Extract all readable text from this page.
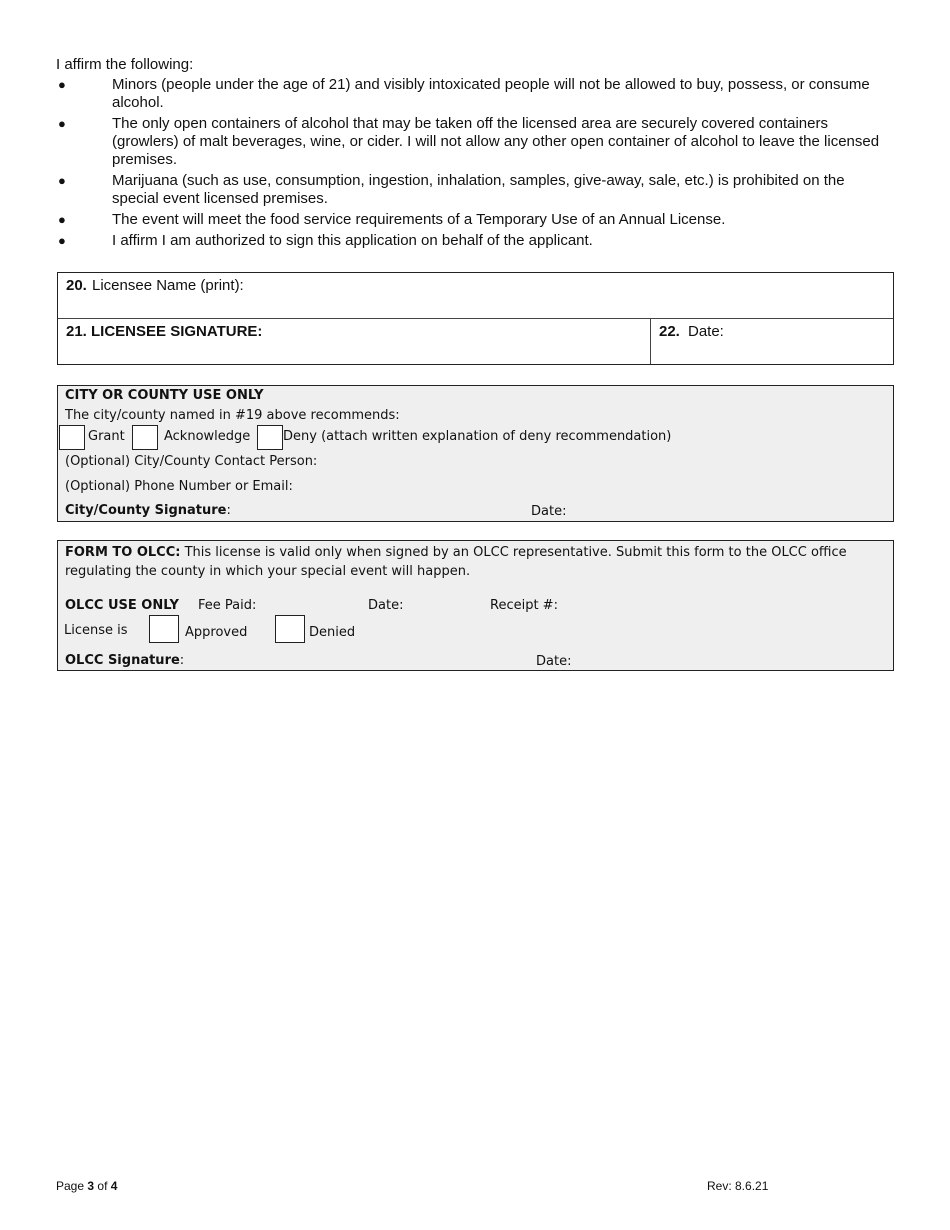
I affirm the following:
●	Minors (people under the age of 21) and visibly intoxicated people will not be allowed to buy, possess, or consume alcohol.
●	The only open containers of alcohol that may be taken off the licensed area are securely covered containers (growlers) of malt beverages, wine, or cider. I will not allow any other open container of alcohol to leave the licensed premises.
●	Marijuana (such as use, consumption, ingestion, inhalation, samples, give-away, sale, etc.) is prohibited on the special event licensed premises.
●	The event will meet the food service requirements of a Temporary Use of an Annual License.
●	I affirm I am authorized to sign this application on behalf of the applicant.
20. Licensee Name (print):
21. LICENSEE SIGNATURE:	22. Date:
CITY OR COUNTY USE ONLY
The city/county named in #19 above recommends:
Grant	Acknowledge	Deny (attach written explanation of deny recommendation)
(Optional) City/County Contact Person:
(Optional) Phone Number or Email:
City/County Signature:	Date:
FORM TO OLCC: This license is valid only when signed by an OLCC representative. Submit this form to the OLCC office regulating the county in which your special event will happen.
OLCC USE ONLY Fee Paid:	Date:	Receipt #:
License is	Approved	Denied
OLCC Signature:	Date:
Page 3 of 4	Rev: 8.6.21
